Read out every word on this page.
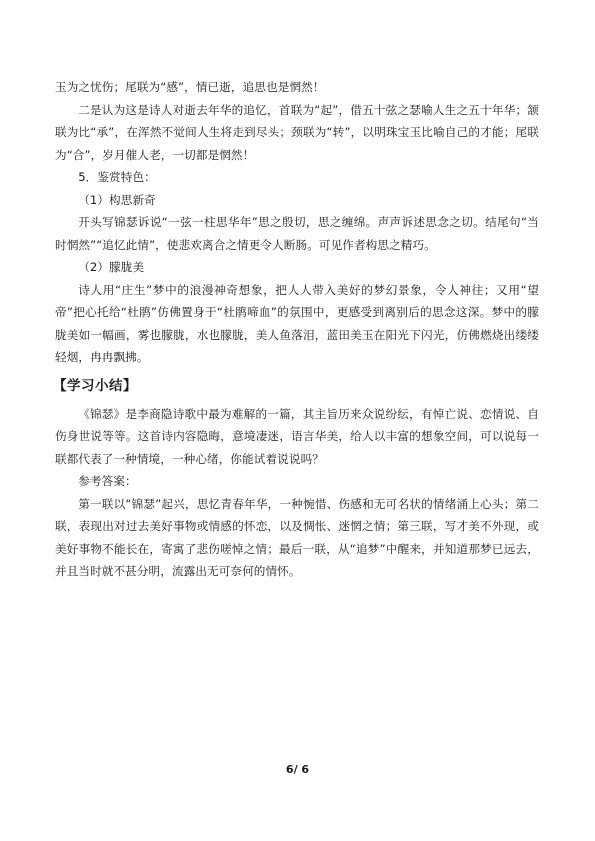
玉为之忧伤；尾联为“感”，情已逝，追思也是惘然！

二是认为这是诗人对逝去年华的追忆，首联为“起”，借五十弦之瑟喻人生之五十年华；颔联为比“承”，在浑然不觉间人生将走到尽头；颈联为“转”，以明珠宝玉比喻自己的才能；尾联为“合”，岁月催人老，一切都是惘然！

5．鉴赏特色：

（1）构思新奇

开头写锦瑟诉说“一弦一柱思华年”思之殷切，思之缠绵。声声诉述思念之切。结尾句“当时惘然”“追忆此情”，使悲欢离合之情更令人断肠。可见作者构思之精巧。

（2）朦胧美

诗人用“庄生”梦中的浪漫神奇想象，把人人带入美好的梦幻景象，令人神往；又用“望帝”把心托给“杜鹃”仿佛置身于“杜鹃啼血”的氛围中，更感受到离别后的思念这深。梦中的朦胧美如一幅画，雾也朦胧，水也朦胧，美人鱼落泪，蓝田美玉在阳光下闪光，仿佛燃烧出缕缕轻烟，冉冉飘拂。

【学习小结】

《锦瑟》是李商隐诗歌中最为难解的一篇，其主旨历来众说纷纭，有悼亡说、恋情说、自伤身世说等等。这首诗内容隐晦，意境凄迷，语言华美，给人以丰富的想象空间，可以说每一联都代表了一种情境，一种心绪，你能试着说说吗？

参考答案：

第一联以“锦瑟”起兴，思忆青春年华，一种惋惜、伤感和无可名状的情绪涌上心头；第二联，表现出对过去美好事物或情感的怀恋，以及惆怅、迷惘之情；第三联，写才美不外现，或美好事物不能长在，寄寓了悲伤嗟悼之情；最后一联，从“追梦”中醒来，并知道那梦已远去，并且当时就不甚分明，流露出无可奈何的情怀。

6/ 6
